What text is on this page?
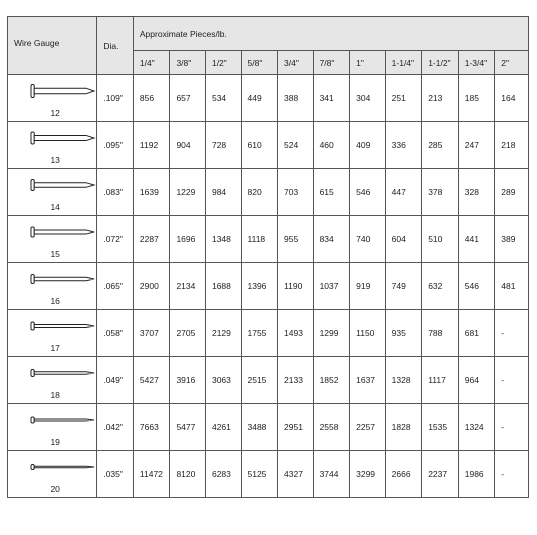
Wire Gauge	Dia.	Approximate Pieces/lb.										
		1/4"	3/8"	1/2"	5/8"	3/4"	7/8"	1"	1-1/4"	1-1/2"	1-3/4"	2"

12	.109"	856	657	534	449	388	341	304	251	213	185	164

13	.095"	1192	904	728	610	524	460	409	336	285	247	218

14	.083"	1639	1229	984	820	703	615	546	447	378	328	289

15	.072"	2287	1696	1348	1118	955	834	740	604	510	441	389

16	.065"	2900	2134	1688	1396	1190	1037	919	749	632	546	481

17	.058"	3707	2705	2129	1755	1493	1299	1150	935	788	681	-

18	.049"	5427	3916	3063	2515	2133	1852	1637	1328	1117	964	-

19	.042"	7663	5477	4261	3488	2951	2558	2257	1828	1535	1324	-

20	.035"	11472	8120	6283	5125	4327	3744	3299	2666	2237	1986	-
